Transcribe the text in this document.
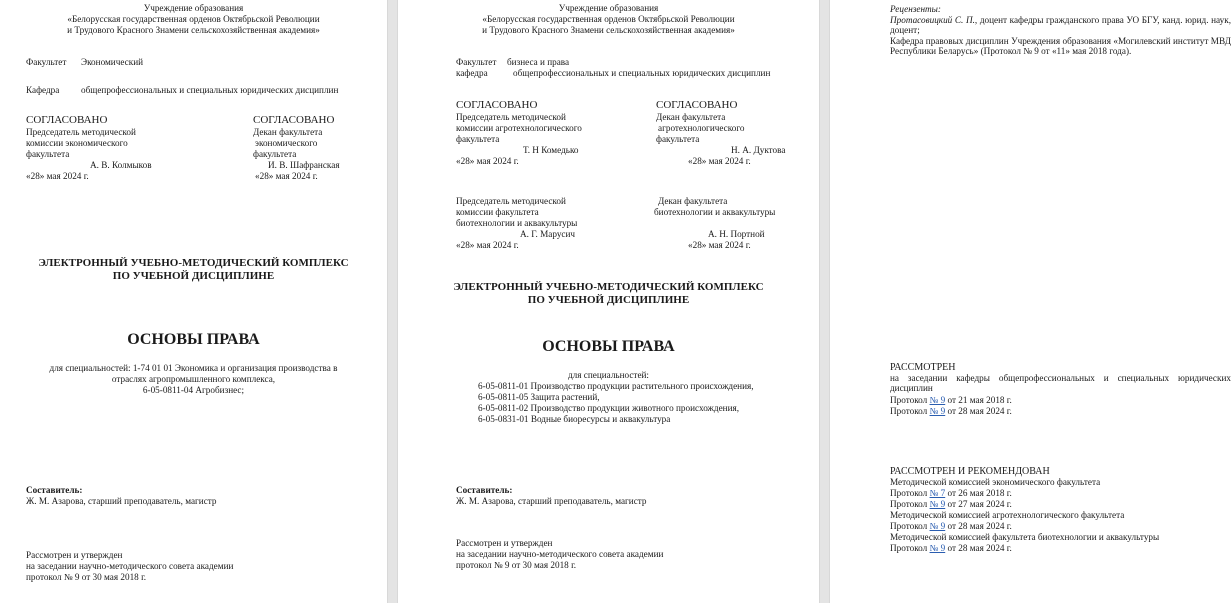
Учреждение образования
«Белорусская государственная орденов Октябрьской Революции
и Трудового Красного Знамени сельскохозяйственная академия»
Факультет Экономический
Кафедра общепрофессиональных и специальных юридических дисциплин
СОГЛАСОВАНО
Председатель методической
комиссии экономического
факультета
А. В. Колмыков
«28» мая 2024 г.
СОГЛАСОВАНО
Декан факультета
экономического
факультета
И. В. Шафранская
«28» мая 2024 г.
ЭЛЕКТРОННЫЙ УЧЕБНО-МЕТОДИЧЕСКИЙ КОМПЛЕКС
ПО УЧЕБНОЙ ДИСЦИПЛИНЕ
ОСНОВЫ ПРАВА
для специальностей: 1-74 01 01 Экономика и организация производства в
отраслях агропромышленного комплекса,
6-05-0811-04 Агробизнес;
Составитель:
Ж. М. Азарова, старший преподаватель, магистр
Рассмотрен и утвержден
на заседании научно-методического совета академии
протокол № 9 от 30 мая 2018 г.
Учреждение образования
«Белорусская государственная орденов Октябрьской Революции
и Трудового Красного Знамени сельскохозяйственная академия»
Факультет бизнеса и права
кафедра	общепрофессиональных и специальных юридических дисциплин
СОГЛАСОВАНО
Председатель методической
комиссии агротехнологического
факультета
Т. Н Комедько
«28» мая 2024 г.
СОГЛАСОВАНО
Декан факультета
агротехнологического
факультета
Н. А. Дуктова
«28» мая 2024 г.
Председатель методической
комиссии факультета
биотехнологии и аквакультуры
А. Г. Марусич
«28» мая 2024 г.
Декан факультета
биотехнологии и аквакультуры
А. Н. Портной
«28» мая 2024 г.
ЭЛЕКТРОННЫЙ УЧЕБНО-МЕТОДИЧЕСКИЙ КОМПЛЕКС
ПО УЧЕБНОЙ ДИСЦИПЛИНЕ
ОСНОВЫ ПРАВА
для специальностей:
6-05-0811-01 Производство продукции растительного происхождения,
6-05-0811-05 Защита растений,
6-05-0811-02 Производство продукции животного происхождения,
6-05-0831-01 Водные биоресурсы и аквакультура
Составитель:
Ж. М. Азарова, старший преподаватель, магистр
Рассмотрен и утвержден
на заседании научно-методического совета академии
протокол № 9 от 30 мая 2018 г.
Рецензенты:
Протасовицкий С. П., доцент кафедры гражданского права УО БГУ, канд. юрид. наук, доцент;
Кафедра правовых дисциплин Учреждения образования «Могилевский институт МВД Республики Беларусь» (Протокол № 9 от «11» мая 2018 года).
РАССМОТРЕН
на заседании кафедры общепрофессиональных и специальных юридических дисциплин
Протокол № 9 от 21 мая 2018 г.
Протокол № 9 от 28 мая 2024 г.
РАССМОТРЕН И РЕКОМЕНДОВАН
Методической комиссией экономического факультета
Протокол № 7 от 26 мая 2018 г.
Протокол № 9 от 27 мая 2024 г.
Методической комиссией агротехнологического факультета
Протокол № 9 от 28 мая 2024 г.
Методической комиссией факультета биотехнологии и аквакультуры
Протокол № 9 от 28 мая 2024 г.
